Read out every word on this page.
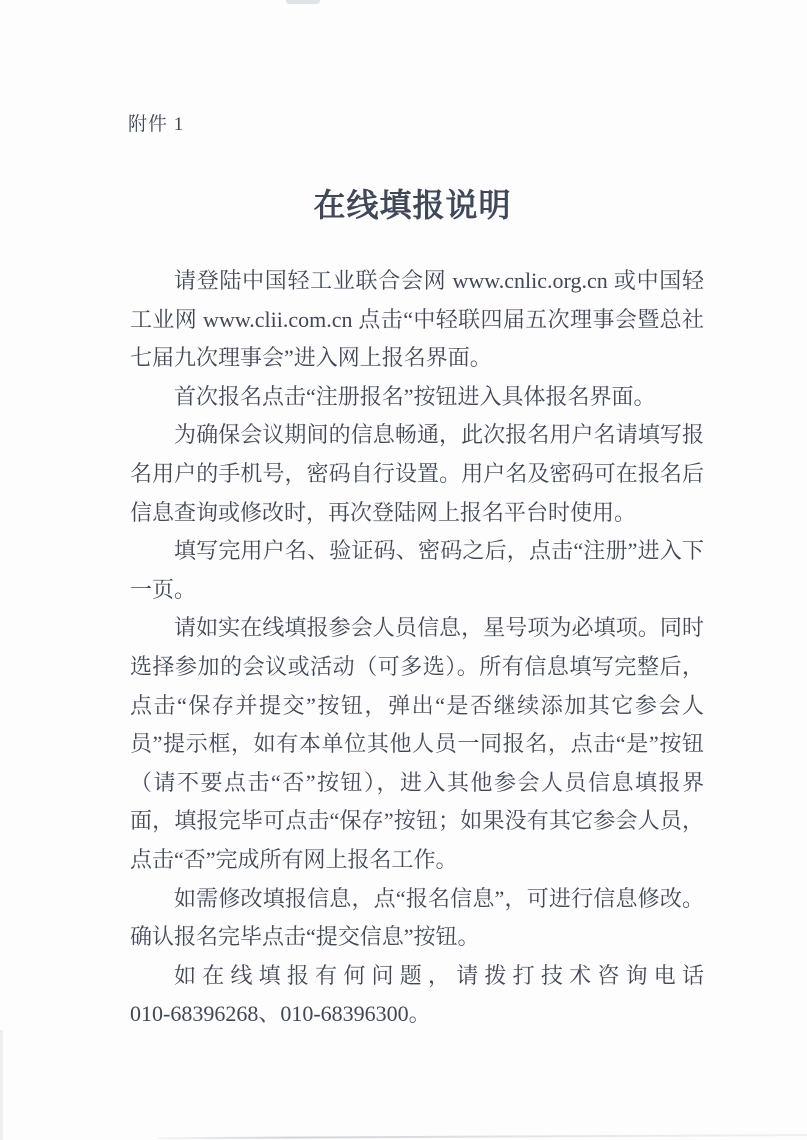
附件 1
在线填报说明

请登陆中国轻工业联合会网 www.cnlic.org.cn 或中国轻工业网 www.clii.com.cn 点击“中轻联四届五次理事会暨总社七届九次理事会”进入网上报名界面。

首次报名点击“注册报名”按钮进入具体报名界面。

为确保会议期间的信息畅通，此次报名用户名请填写报名用户的手机号，密码自行设置。用户名及密码可在报名后信息查询或修改时，再次登陆网上报名平台时使用。

填写完用户名、验证码、密码之后，点击“注册”进入下一页。

请如实在线填报参会人员信息，星号项为必填项。同时选择参加的会议或活动（可多选）。所有信息填写完整后，点击“保存并提交”按钮，弹出“是否继续添加其它参会人员”提示框，如有本单位其他人员一同报名，点击“是”按钮（请不要点击“否”按钮），进入其他参会人员信息填报界面，填报完毕可点击“保存”按钮；如果没有其它参会人员，点击“否”完成所有网上报名工作。

如需修改填报信息，点“报名信息”，可进行信息修改。确认报名完毕点击“提交信息”按钮。

如在线填报有何问题，请拨打技术咨询电话010-68396268、010-68396300。
